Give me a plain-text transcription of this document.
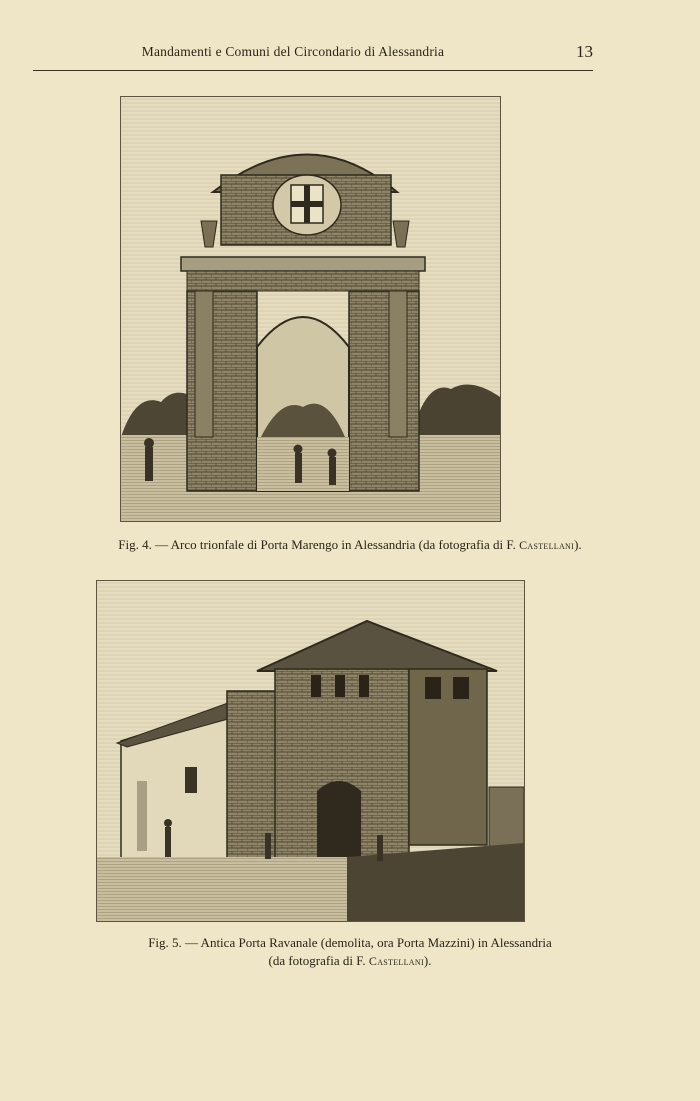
Mandamenti e Comuni del Circondario di Alessandria	13
Fig. 4. — Arco trionfale di Porta Marengo in Alessandria (da fotografia di F. Castellani).
Fig. 5. — Antica Porta Ravanale (demolita, ora Porta Mazzini) in Alessandria
(da fotografia di F. Castellani).
